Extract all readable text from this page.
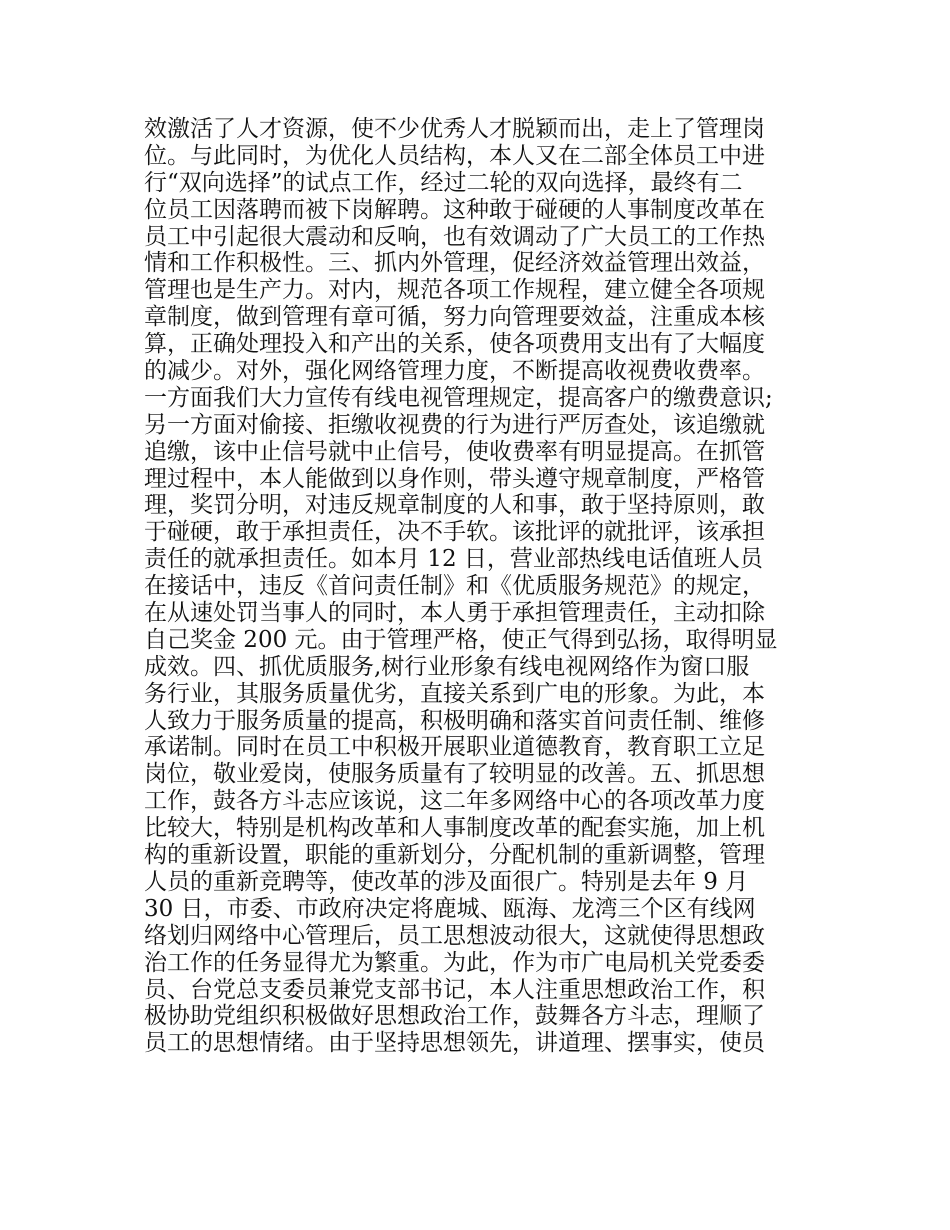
效激活了人才资源，使不少优秀人才脱颖而出，走上了管理岗
位。与此同时，为优化人员结构，本人又在二部全体员工中进
行“双向选择”的试点工作，经过二轮的双向选择，最终有二
位员工因落聘而被下岗解聘。这种敢于碰硬的人事制度改革在
员工中引起很大震动和反响，也有效调动了广大员工的工作热
情和工作积极性。三、抓内外管理，促经济效益管理出效益，
管理也是生产力。对内，规范各项工作规程，建立健全各项规
章制度，做到管理有章可循，努力向管理要效益，注重成本核
算，正确处理投入和产出的关系，使各项费用支出有了大幅度
的减少。对外，强化网络管理力度，不断提高收视费收费率。
一方面我们大力宣传有线电视管理规定，提高客户的缴费意识;
另一方面对偷接、拒缴收视费的行为进行严厉查处，该追缴就
追缴，该中止信号就中止信号，使收费率有明显提高。在抓管
理过程中，本人能做到以身作则，带头遵守规章制度，严格管
理，奖罚分明，对违反规章制度的人和事，敢于坚持原则，敢
于碰硬，敢于承担责任，决不手软。该批评的就批评，该承担
责任的就承担责任。如本月 12 日，营业部热线电话值班人员
在接话中，违反《首问责任制》和《优质服务规范》的规定，
在从速处罚当事人的同时，本人勇于承担管理责任，主动扣除
自己奖金 200 元。由于管理严格，使正气得到弘扬，取得明显
成效。四、抓优质服务,树行业形象有线电视网络作为窗口服
务行业，其服务质量优劣，直接关系到广电的形象。为此，本
人致力于服务质量的提高，积极明确和落实首问责任制、维修
承诺制。同时在员工中积极开展职业道德教育，教育职工立足
岗位，敬业爱岗，使服务质量有了较明显的改善。五、抓思想
工作，鼓各方斗志应该说，这二年多网络中心的各项改革力度
比较大，特别是机构改革和人事制度改革的配套实施，加上机
构的重新设置，职能的重新划分，分配机制的重新调整，管理
人员的重新竞聘等，使改革的涉及面很广。特别是去年 9 月
30 日，市委、市政府决定将鹿城、瓯海、龙湾三个区有线网
络划归网络中心管理后，员工思想波动很大，这就使得思想政
治工作的任务显得尤为繁重。为此，作为市广电局机关党委委
员、台党总支委员兼党支部书记，本人注重思想政治工作，积
极协助党组织积极做好思想政治工作，鼓舞各方斗志，理顺了
员工的思想情绪。由于坚持思想领先，讲道理、摆事实，使员
